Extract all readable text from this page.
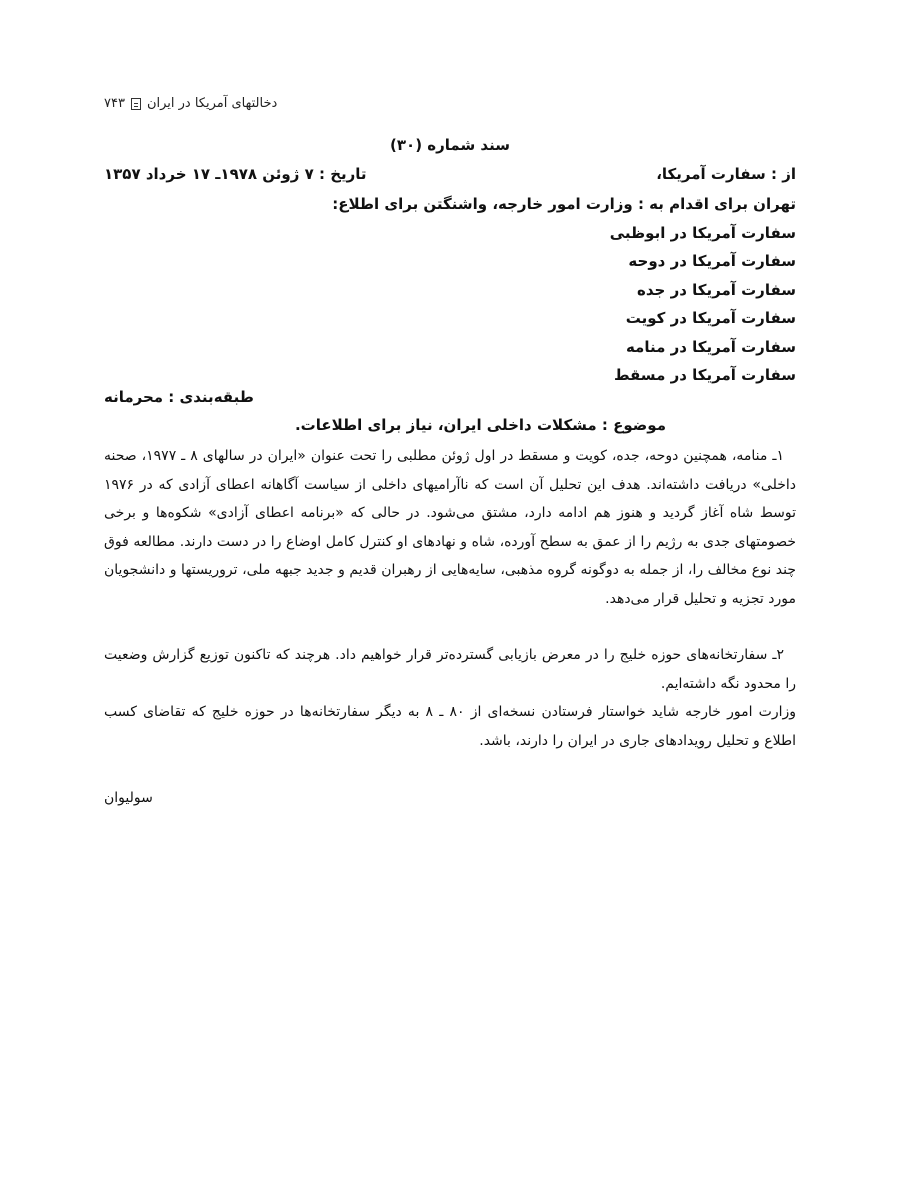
۷۴۳ دخالتهای آمریکا در ایران
سند شماره (۳۰)
از : سفارت آمریکا،
تاریخ : ۷ ژوئن ۱۹۷۸ـ ۱۷ خرداد ۱۳۵۷
تهران برای اقدام به : وزارت امور خارجه، واشنگتن برای اطلاع:
سفارت آمریکا در ابوظبی
سفارت آمریکا در دوحه
سفارت آمریکا در جده
سفارت آمریکا در کویت
سفارت آمریکا در منامه
سفارت آمریکا در مسقط
طبقه‌بندی : محرمانه
موضوع : مشکلات داخلی ایران، نیاز برای اطلاعات.

۱ـ منامه، همچنین دوحه، جده، کویت و مسقط در اول ژوئن مطلبی را تحت عنوان «ایران در سالهای ۸ ـ ۱۹۷۷، صحنه داخلی» دریافت داشته‌اند. هدف این تحلیل آن است که ناآرامیهای داخلی از سیاست آگاهانه اعطای آزادی که در ۱۹۷۶ توسط شاه آغاز گردید و هنوز هم ادامه دارد، مشتق می‌شود. در حالی که «برنامه اعطای آزادی» شکوه‌ها و برخی خصومتهای جدی به رژیم را از عمق به سطح آورده، شاه و نهادهای او کنترل کامل اوضاع را در دست دارند. مطالعه فوق چند نوع مخالف را، از جمله به دوگونه گروه مذهبی، سایه‌هایی از رهبران قدیم و جدید جبهه ملی، تروریستها و دانشجویان مورد تجزیه و تحلیل قرار می‌دهد.

۲ـ سفارتخانه‌های حوزه خلیج را در معرض بازیابی گسترده‌تر قرار خواهیم داد. هرچند که تاکنون توزیع گزارش وضعیت را محدود نگه داشته‌ایم.

وزارت امور خارجه شاید خواستار فرستادن نسخه‌ای از ۸۰ ـ ۸ به دیگر سفارتخانه‌ها در حوزه خلیج که تقاضای کسب اطلاع و تحلیل رویدادهای جاری در ایران را دارند، باشد.

سولیوان
